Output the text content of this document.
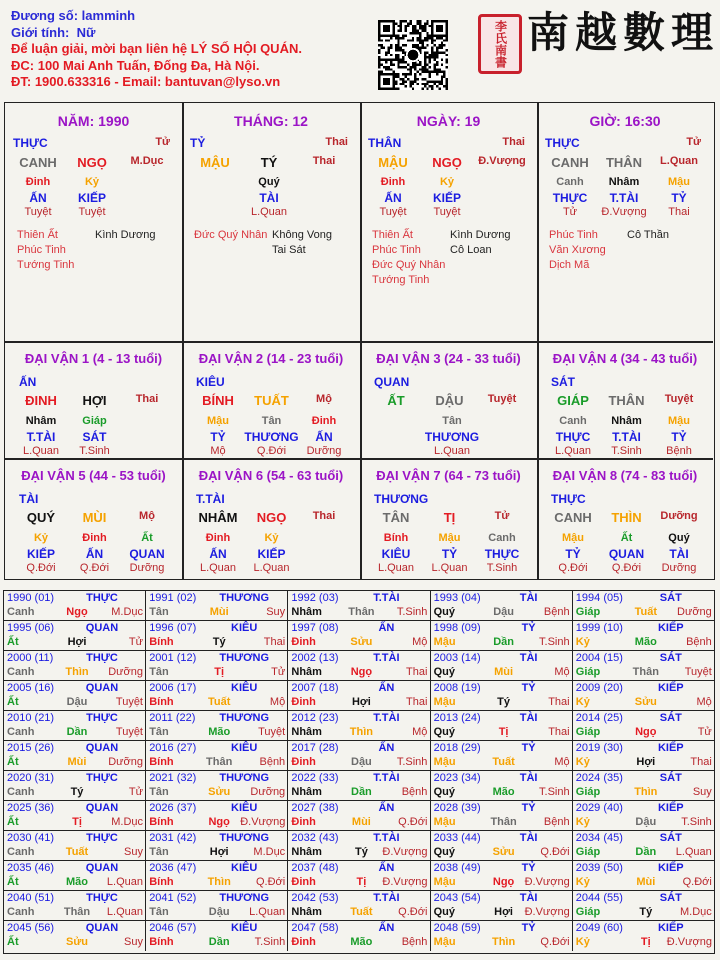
Đương số: lamminh
Giới tính: Nữ
Để luận giải, mời bạn liên hệ LÝ SỐ HỘI QUÁN.
ĐC: 100 Mai Anh Tuấn, Đống Đa, Hà Nội.
ĐT: 1900.633316 - Email: bantuvan@lyso.vn
李氏南書 南越數理
NĂM: 1990
THỰC	Tử
CANH	NGỌ	M.Dục
Đinh	Kỷ
ẤN	KIẾP
Tuyệt	Tuyệt
Thiên Ất
Phúc Tinh
Tướng Tinh
Kình Dương
THÁNG: 12
TỶ	Thai
MẬU	TÝ	Thai
Quý
TÀI
L.Quan
Đức Quý Nhân Không Vong
Tai Sát
NGÀY: 19
THÂN	Thai
MẬU	NGỌ	Đ.Vượng
Đinh	Kỷ
ẤN	KIẾP
Tuyệt	Tuyệt
Thiên Ất
Phúc Tinh
Đức Quý Nhân
Tướng Tinh
Kình Dương
Cô Loan
GIỜ: 16:30
THỰC	Tử
CANH	THÂN	L.Quan
Canh	Nhâm	Mậu
THỰC	T.TÀI	TỶ
Tử	Đ.Vượng	Thai
Phúc Tinh
Văn Xương
Dịch Mã
Cô Thần
ĐẠI VẬN 1 (4 - 13 tuổi)
ẤN
ĐINH	HỢI	Thai
Nhâm	Giáp
T.TÀI	SÁT
L.Quan	T.Sinh
ĐẠI VẬN 2 (14 - 23 tuổi)
KIÊU
BÍNH	TUẤT	Mộ
Mậu	Tân	Đinh
TỶ	THƯƠNG	ẤN
Mộ	Q.Đới	Dưỡng
ĐẠI VẬN 3 (24 - 33 tuổi)
QUAN
ẤT	DẬU	Tuyệt
Tân
THƯƠNG
L.Quan
ĐẠI VẬN 4 (34 - 43 tuổi)
SÁT
GIÁP	THÂN	Tuyệt
Canh	Nhâm	Mậu
THỰC	T.TÀI	TỶ
L.Quan	T.Sinh	Bệnh
ĐẠI VẬN 5 (44 - 53 tuổi)
TÀI
QUÝ	MÙI	Mộ
Kỷ	Đinh	Ất
KIẾP	ẤN	QUAN
Q.Đới	Q.Đới	Dưỡng
ĐẠI VẬN 6 (54 - 63 tuổi)
T.TÀI
NHÂM	NGỌ	Thai
Đinh	Kỷ
ẤN	KIẾP
L.Quan	L.Quan
ĐẠI VẬN 7 (64 - 73 tuổi)
THƯƠNG
TÂN	TỊ	Tử
Bính	Mậu	Canh
KIÊU	TỶ	THỰC
L.Quan	L.Quan	T.Sinh
ĐẠI VẬN 8 (74 - 83 tuổi)
THỰC
CANH	THÌN	Dưỡng
Mậu	Ất	Quý
TỶ	QUAN	TÀI
Q.Đới	Q.Đới	Dưỡng
1990 (01)	THỰC
Canh	Ngọ	M.Dục
1991 (02)	THƯƠNG
Tân	Mùi	Suy
1992 (03)	T.TÀI
Nhâm	Thân	T.Sinh
1993 (04)	TÀI
Quý	Dậu	Bệnh
1994 (05)	SÁT
Giáp	Tuất	Dưỡng
1995 (06)	QUAN
Ất	Hợi	Tử
1996 (07)	KIÊU
Bính	Tý	Thai
1997 (08)	ẤN
Đinh	Sửu	Mộ
1998 (09)	TỶ
Mậu	Dần	T.Sinh
1999 (10)	KIẾP
Kỷ	Mão	Bệnh
2000 (11)	THỰC
Canh	Thìn	Dưỡng
2001 (12)	THƯƠNG
Tân	Tị	Tử
2002 (13)	T.TÀI
Nhâm	Ngọ	Thai
2003 (14)	TÀI
Quý	Mùi	Mộ
2004 (15)	SÁT
Giáp	Thân	Tuyệt
2005 (16)	QUAN
Ất	Dậu	Tuyệt
2006 (17)	KIÊU
Bính	Tuất	Mộ
2007 (18)	ẤN
Đinh	Hợi	Thai
2008 (19)	TỶ
Mậu	Tý	Thai
2009 (20)	KIẾP
Kỷ	Sửu	Mộ
2010 (21)	THỰC
Canh	Dần	Tuyệt
2011 (22)	THƯƠNG
Tân	Mão	Tuyệt
2012 (23)	T.TÀI
Nhâm	Thìn	Mộ
2013 (24)	TÀI
Quý	Tị	Thai
2014 (25)	SÁT
Giáp	Ngọ	Tử
2015 (26)	QUAN
Ất	Mùi	Dưỡng
2016 (27)	KIÊU
Bính	Thân	Bệnh
2017 (28)	ẤN
Đinh	Dậu	T.Sinh
2018 (29)	TỶ
Mậu	Tuất	Mộ
2019 (30)	KIẾP
Kỷ	Hợi	Thai
2020 (31)	THỰC
Canh	Tý	Tử
2021 (32)	THƯƠNG
Tân	Sửu	Dưỡng
2022 (33)	T.TÀI
Nhâm	Dần	Bệnh
2023 (34)	TÀI
Quý	Mão	T.Sinh
2024 (35)	SÁT
Giáp	Thìn	Suy
2025 (36)	QUAN
Ất	Tị	M.Dục
2026 (37)	KIÊU
Bính	Ngọ Đ.Vượng
2027 (38)	ẤN
Đinh	Mùi	Q.Đới
2028 (39)	TỶ
Mậu	Thân	Bệnh
2029 (40)	KIẾP
Kỷ	Dậu	T.Sinh
2030 (41)	THỰC
Canh	Tuất	Suy
2031 (42)	THƯƠNG
Tân	Hợi	M.Dục
2032 (43)	T.TÀI
Nhâm	Tý	Đ.Vượng
2033 (44)	TÀI
Quý	Sửu	Q.Đới
2034 (45)	SÁT
Giáp	Dần	L.Quan
2035 (46)	QUAN
Ất	Mão	L.Quan
2036 (47)	KIÊU
Bính	Thìn	Q.Đới
2037 (48)	ẤN
Đinh	Tị	Đ.Vượng
2038 (49)	TỶ
Mậu	Ngọ Đ.Vượng
2039 (50)	KIẾP
Kỷ	Mùi	Q.Đới
2040 (51)	THỰC
Canh	Thân	L.Quan
2041 (52)	THƯƠNG
Tân	Dậu	L.Quan
2042 (53)	T.TÀI
Nhâm	Tuất	Q.Đới
2043 (54)	TÀI
Quý	Hợi	Đ.Vượng
2044 (55)	SÁT
Giáp	Tý	M.Dục
2045 (56)	QUAN
Ất	Sửu	Suy
2046 (57)	KIÊU
Bính	Dần	T.Sinh
2047 (58)	ẤN
Đinh	Mão	Bệnh
2048 (59)	TỶ
Mậu	Thìn	Q.Đới
2049 (60)	KIẾP
Kỷ	Tị	Đ.Vượng
